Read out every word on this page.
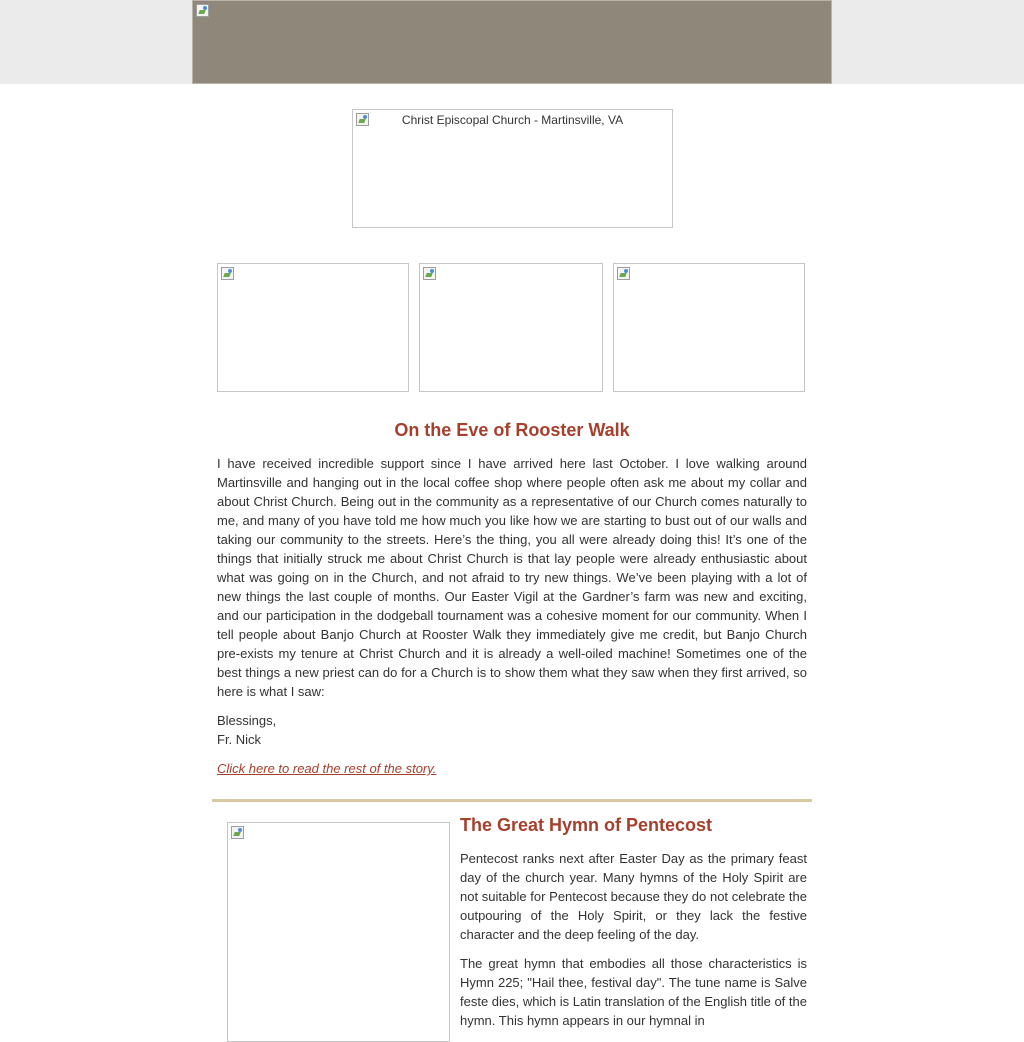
Christ Episcopal Church - Martinsville, VA
On the Eve of Rooster Walk

I have received incredible support since I have arrived here last October. I love walking around Martinsville and hanging out in the local coffee shop where people often ask me about my collar and about Christ Church. Being out in the community as a representative of our Church comes naturally to me, and many of you have told me how much you like how we are starting to bust out of our walls and taking our community to the streets. Here’s the thing, you all were already doing this! It’s one of the things that initially struck me about Christ Church is that lay people were already enthusiastic about what was going on in the Church, and not afraid to try new things. We’ve been playing with a lot of new things the last couple of months. Our Easter Vigil at the Gardner’s farm was new and exciting, and our participation in the dodgeball tournament was a cohesive moment for our community. When I tell people about Banjo Church at Rooster Walk they immediately give me credit, but Banjo Church pre-exists my tenure at Christ Church and it is already a well-oiled machine! Sometimes one of the best things a new priest can do for a Church is to show them what they saw when they first arrived, so here is what I saw:

Blessings,

Fr. Nick

Click here to read the rest of the story.
The Great Hymn of Pentecost

Pentecost ranks next after Easter Day as the primary feast day of the church year. Many hymns of the Holy Spirit are not suitable for Pentecost because they do not celebrate the outpouring of the Holy Spirit, or they lack the festive character and the deep feeling of the day.

The great hymn that embodies all those characteristics is Hymn 225; "Hail thee, festival day". The tune name is Salve feste dies, which is Latin translation of the English title of the hymn. This hymn appears in our hymnal in
